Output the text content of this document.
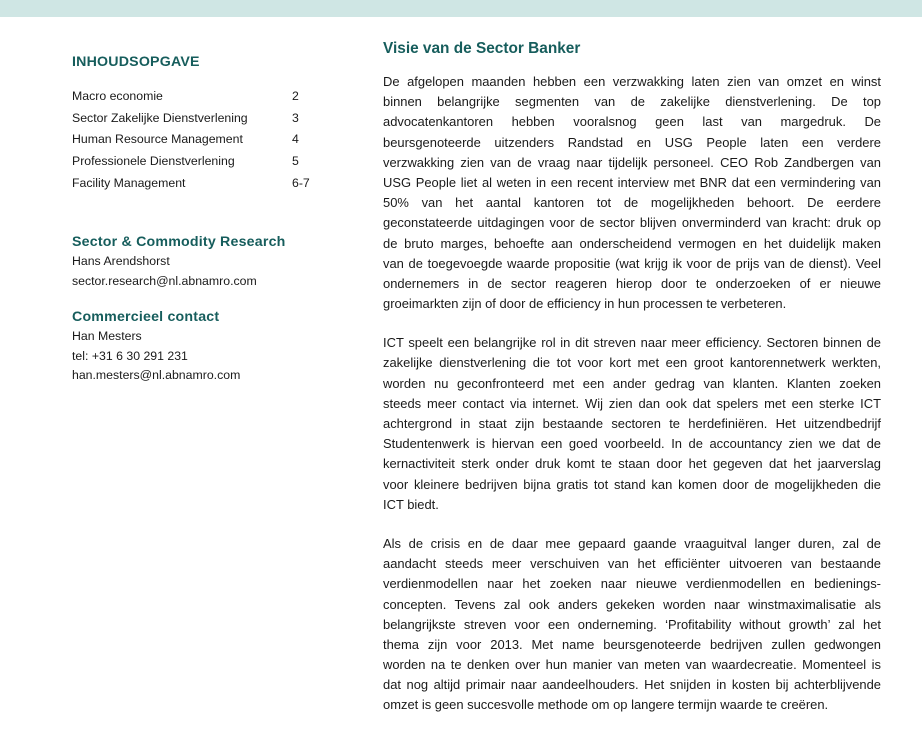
INHOUDSOPGAVE
Macro economie	2
Sector Zakelijke Dienstverlening	3
Human Resource Management	4
Professionele Dienstverlening	5
Facility Management	6-7
Sector & Commodity Research
Hans Arendshorst
sector.research@nl.abnamro.com
Commercieel contact
Han Mesters
tel: +31 6 30 291 231
han.mesters@nl.abnamro.com
Visie van de Sector Banker
De afgelopen maanden hebben een verzwakking laten zien van omzet en winst
binnen belangrijke segmenten van de zakelijke dienstverlening. De top
advocatenkantoren hebben vooralsnog geen last van margedruk. De
beursgenoteerde uitzenders Randstad en USG People laten een verdere
verzwakking zien van de vraag naar tijdelijk personeel. CEO Rob Zandbergen van
USG People liet al weten in een recent interview met BNR dat een vermindering van
50% van het aantal kantoren tot de mogelijkheden behoort. De eerdere
geconstateerde uitdagingen voor de sector blijven onverminderd van kracht: druk op
de bruto marges, behoefte aan onderscheidend vermogen en het duidelijk maken
van de toegevoegde waarde propositie (wat krijg ik voor de prijs van de dienst). Veel
ondernemers in de sector reageren hierop door te onderzoeken of er nieuwe
groeimarkten zijn of door de efficiency in hun processen te verbeteren.
ICT speelt een belangrijke rol in dit streven naar meer efficiency. Sectoren binnen de
zakelijke dienstverlening die tot voor kort met een groot kantorennetwerk werkten,
worden nu geconfronteerd met een ander gedrag van klanten. Klanten zoeken
steeds meer contact via internet. Wij zien dan ook dat spelers met een sterke ICT
achtergrond in staat zijn bestaande sectoren te herdefiniëren. Het uitzendbedrijf
Studentenwerk is hiervan een goed voorbeeld. In de accountancy zien we dat de
kernactiviteit sterk onder druk komt te staan door het gegeven dat het jaarverslag
voor kleinere bedrijven bijna gratis tot stand kan komen door de mogelijkheden die
ICT biedt.
Als de crisis en de daar mee gepaard gaande vraaguitval langer duren, zal de
aandacht steeds meer verschuiven van het efficiënter uitvoeren van bestaande
verdienmodellen naar het zoeken naar nieuwe verdienmodellen en bedienings-
concepten. Tevens zal ook anders gekeken worden naar winstmaximalisatie als
belangrijkste streven voor een onderneming. ‘Profitability without growth’ zal het
thema zijn voor 2013. Met name beursgenoteerde bedrijven zullen gedwongen
worden na te denken over hun manier van meten van waardecreatie. Momenteel is
dat nog altijd primair naar aandeelhouders. Het snijden in kosten bij achterblijvende
omzet is geen succesvolle methode om op langere termijn waarde te creëren.
